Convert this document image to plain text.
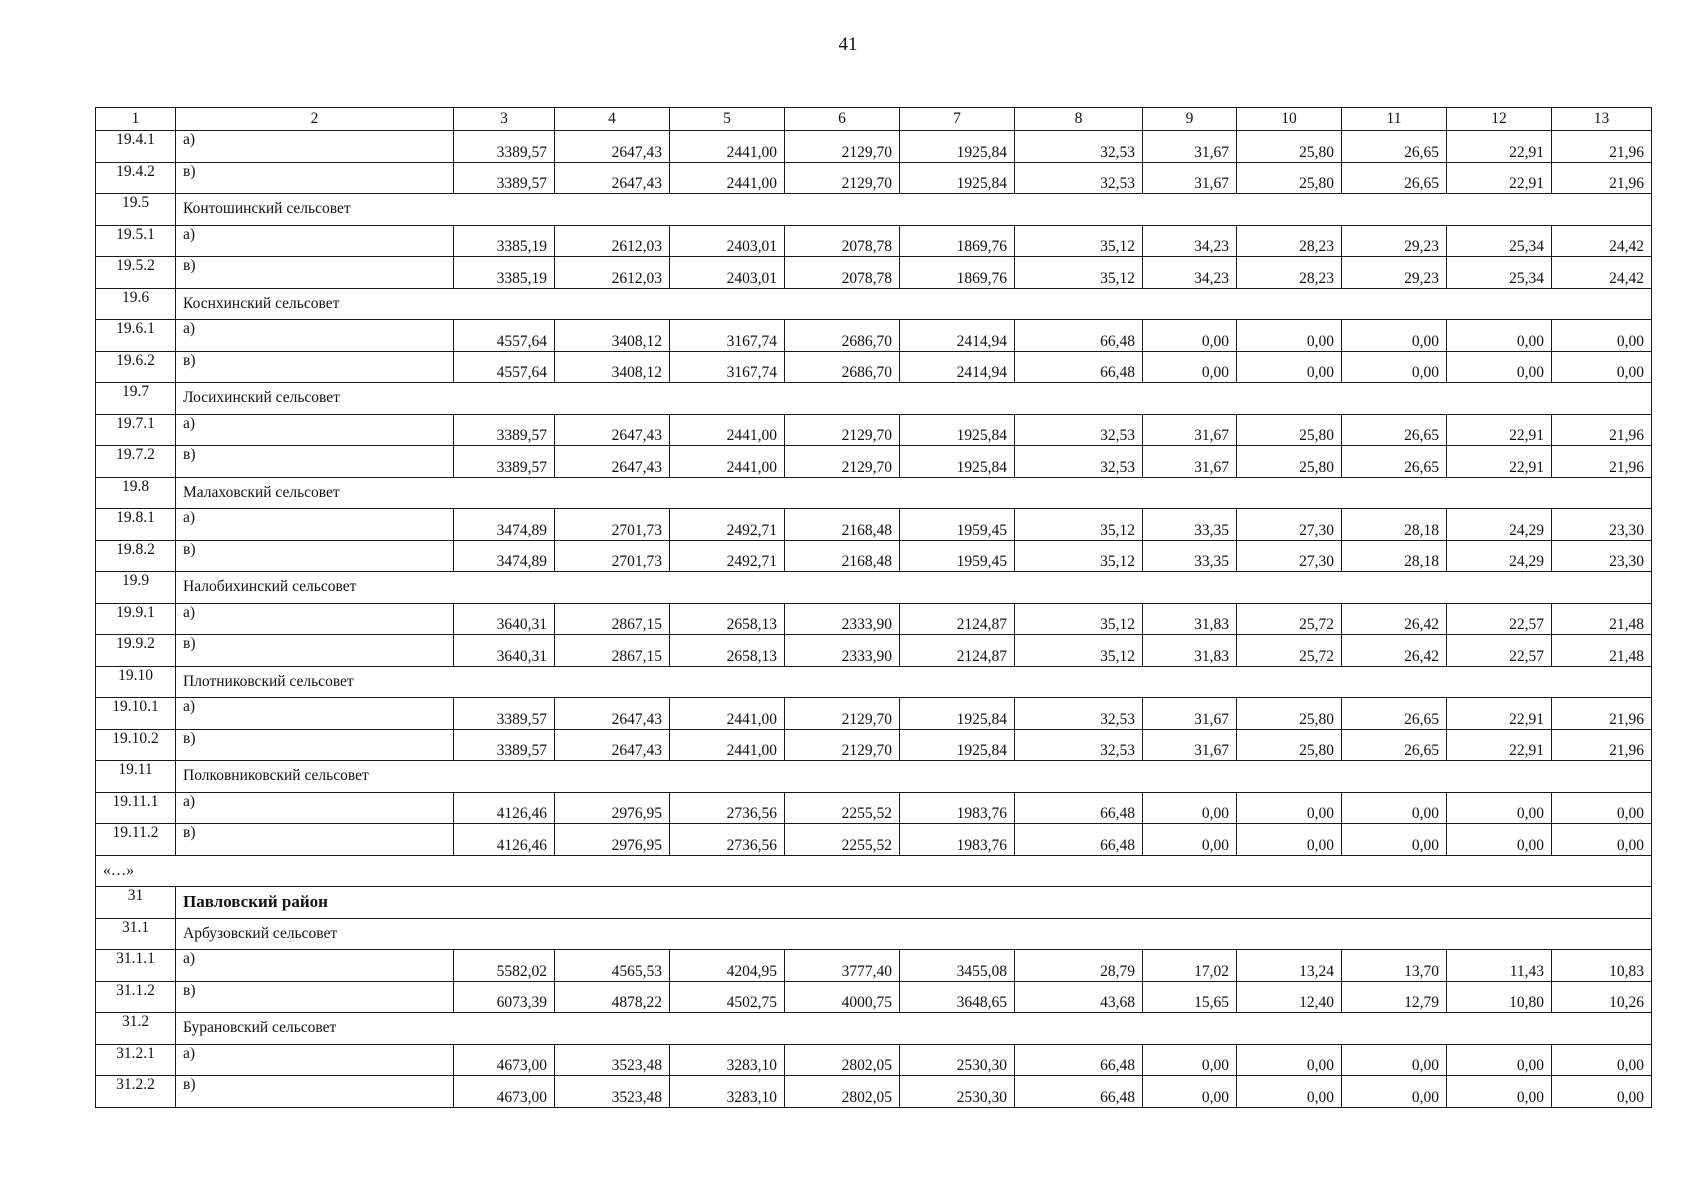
41
1	2	3	4	5	6	7	8	9	10	11	12	13
19.4.1	а)	3389,57	2647,43	2441,00	2129,70	1925,84	32,53	31,67	25,80	26,65	22,91	21,96
19.4.2	в)	3389,57	2647,43	2441,00	2129,70	1925,84	32,53	31,67	25,80	26,65	22,91	21,96
19.5	Контошинский сельсовет											
19.5.1	а)	3385,19	2612,03	2403,01	2078,78	1869,76	35,12	34,23	28,23	29,23	25,34	24,42
19.5.2	в)	3385,19	2612,03	2403,01	2078,78	1869,76	35,12	34,23	28,23	29,23	25,34	24,42
19.6	Коснхинский сельсовет											
19.6.1	а)	4557,64	3408,12	3167,74	2686,70	2414,94	66,48	0,00	0,00	0,00	0,00	0,00
19.6.2	в)	4557,64	3408,12	3167,74	2686,70	2414,94	66,48	0,00	0,00	0,00	0,00	0,00
19.7	Лосихинский сельсовет											
19.7.1	а)	3389,57	2647,43	2441,00	2129,70	1925,84	32,53	31,67	25,80	26,65	22,91	21,96
19.7.2	в)	3389,57	2647,43	2441,00	2129,70	1925,84	32,53	31,67	25,80	26,65	22,91	21,96
19.8	Малаховский сельсовет											
19.8.1	а)	3474,89	2701,73	2492,71	2168,48	1959,45	35,12	33,35	27,30	28,18	24,29	23,30
19.8.2	в)	3474,89	2701,73	2492,71	2168,48	1959,45	35,12	33,35	27,30	28,18	24,29	23,30
19.9	Налобихинский сельсовет											
19.9.1	а)	3640,31	2867,15	2658,13	2333,90	2124,87	35,12	31,83	25,72	26,42	22,57	21,48
19.9.2	в)	3640,31	2867,15	2658,13	2333,90	2124,87	35,12	31,83	25,72	26,42	22,57	21,48
19.10	Плотниковский сельсовет											
19.10.1	а)	3389,57	2647,43	2441,00	2129,70	1925,84	32,53	31,67	25,80	26,65	22,91	21,96
19.10.2	в)	3389,57	2647,43	2441,00	2129,70	1925,84	32,53	31,67	25,80	26,65	22,91	21,96
19.11	Полковниковский сельсовет											
19.11.1	а)	4126,46	2976,95	2736,56	2255,52	1983,76	66,48	0,00	0,00	0,00	0,00	0,00
19.11.2	в)	4126,46	2976,95	2736,56	2255,52	1983,76	66,48	0,00	0,00	0,00	0,00	0,00
«…»												
31	Павловский район											
31.1	Арбузовский сельсовет											
31.1.1	а)	5582,02	4565,53	4204,95	3777,40	3455,08	28,79	17,02	13,24	13,70	11,43	10,83
31.1.2	в)	6073,39	4878,22	4502,75	4000,75	3648,65	43,68	15,65	12,40	12,79	10,80	10,26
31.2	Бурановский сельсовет											
31.2.1	а)	4673,00	3523,48	3283,10	2802,05	2530,30	66,48	0,00	0,00	0,00	0,00	0,00
31.2.2	в)	4673,00	3523,48	3283,10	2802,05	2530,30	66,48	0,00	0,00	0,00	0,00	0,00
